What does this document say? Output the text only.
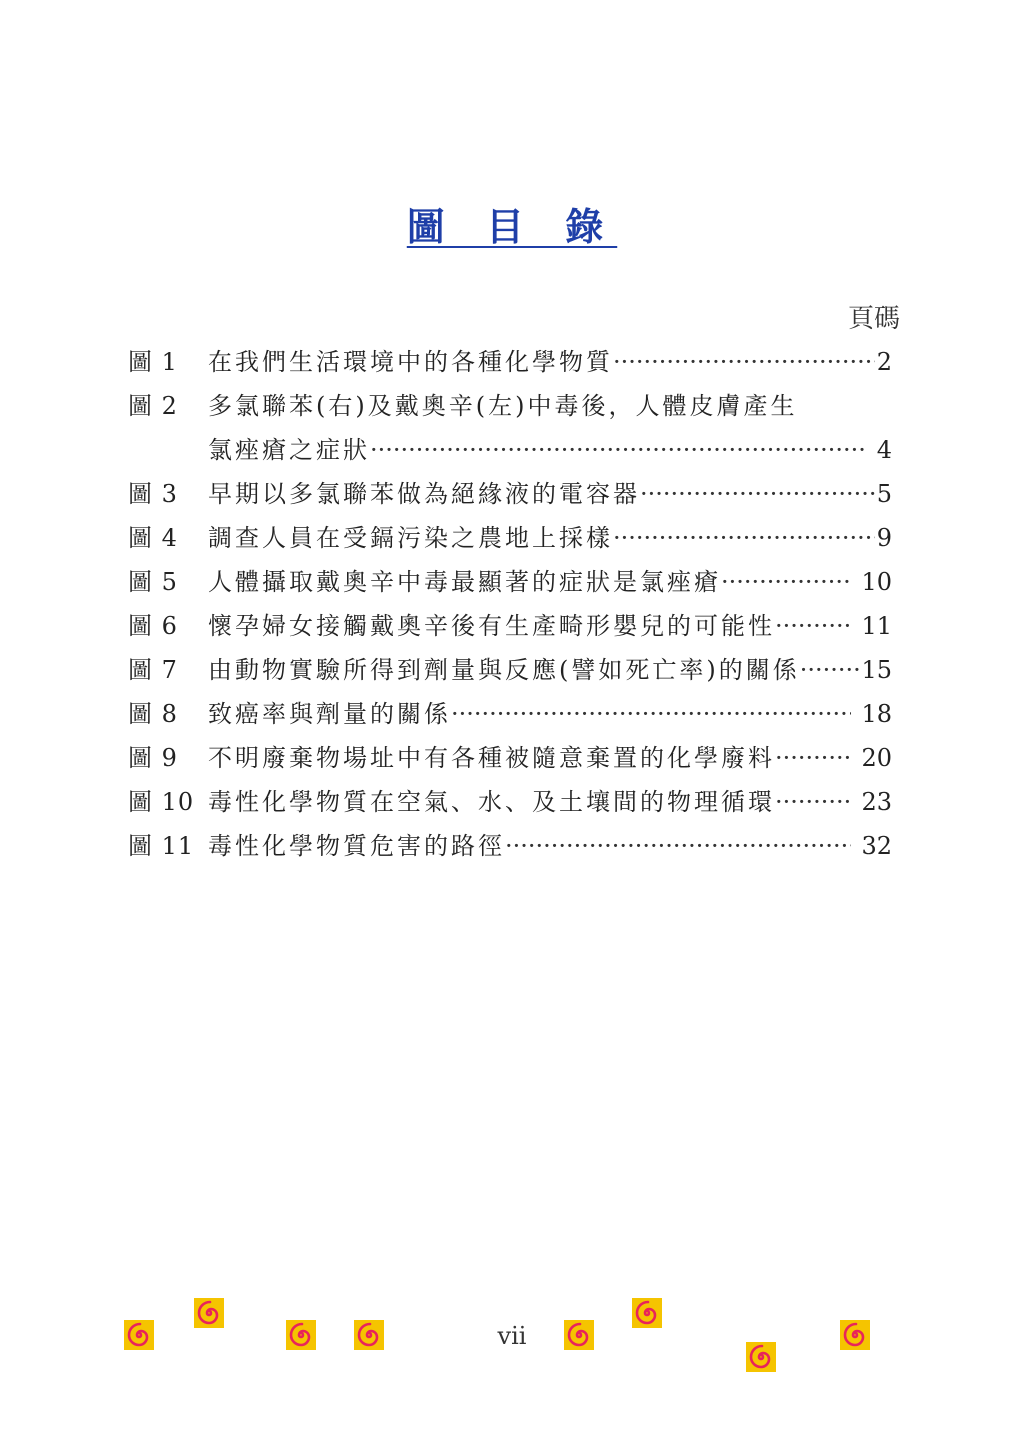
圖 目 錄
頁碼
圖 1	在我們生活環境中的各種化學物質 ·····	2
圖 2	多氯聯苯(右)及戴奧辛(左)中毒後，人體皮膚產生
氯痤瘡之症狀 ·····	4
圖 3	早期以多氯聯苯做為絕緣液的電容器 ·····	5
圖 4	調查人員在受鎘污染之農地上採樣 ·····	9
圖 5	人體攝取戴奧辛中毒最顯著的症狀是氯痤瘡 ·····	10
圖 6	懷孕婦女接觸戴奧辛後有生產畸形嬰兒的可能性 ·····	11
圖 7	由動物實驗所得到劑量與反應(譬如死亡率)的關係 ·····	15
圖 8	致癌率與劑量的關係 ·····	18
圖 9	不明廢棄物場址中有各種被隨意棄置的化學廢料 ·····	20
圖 10 毒性化學物質在空氣、水、及土壤間的物理循環 ·····	23
圖 11 毒性化學物質危害的路徑 ·····	32
vii
